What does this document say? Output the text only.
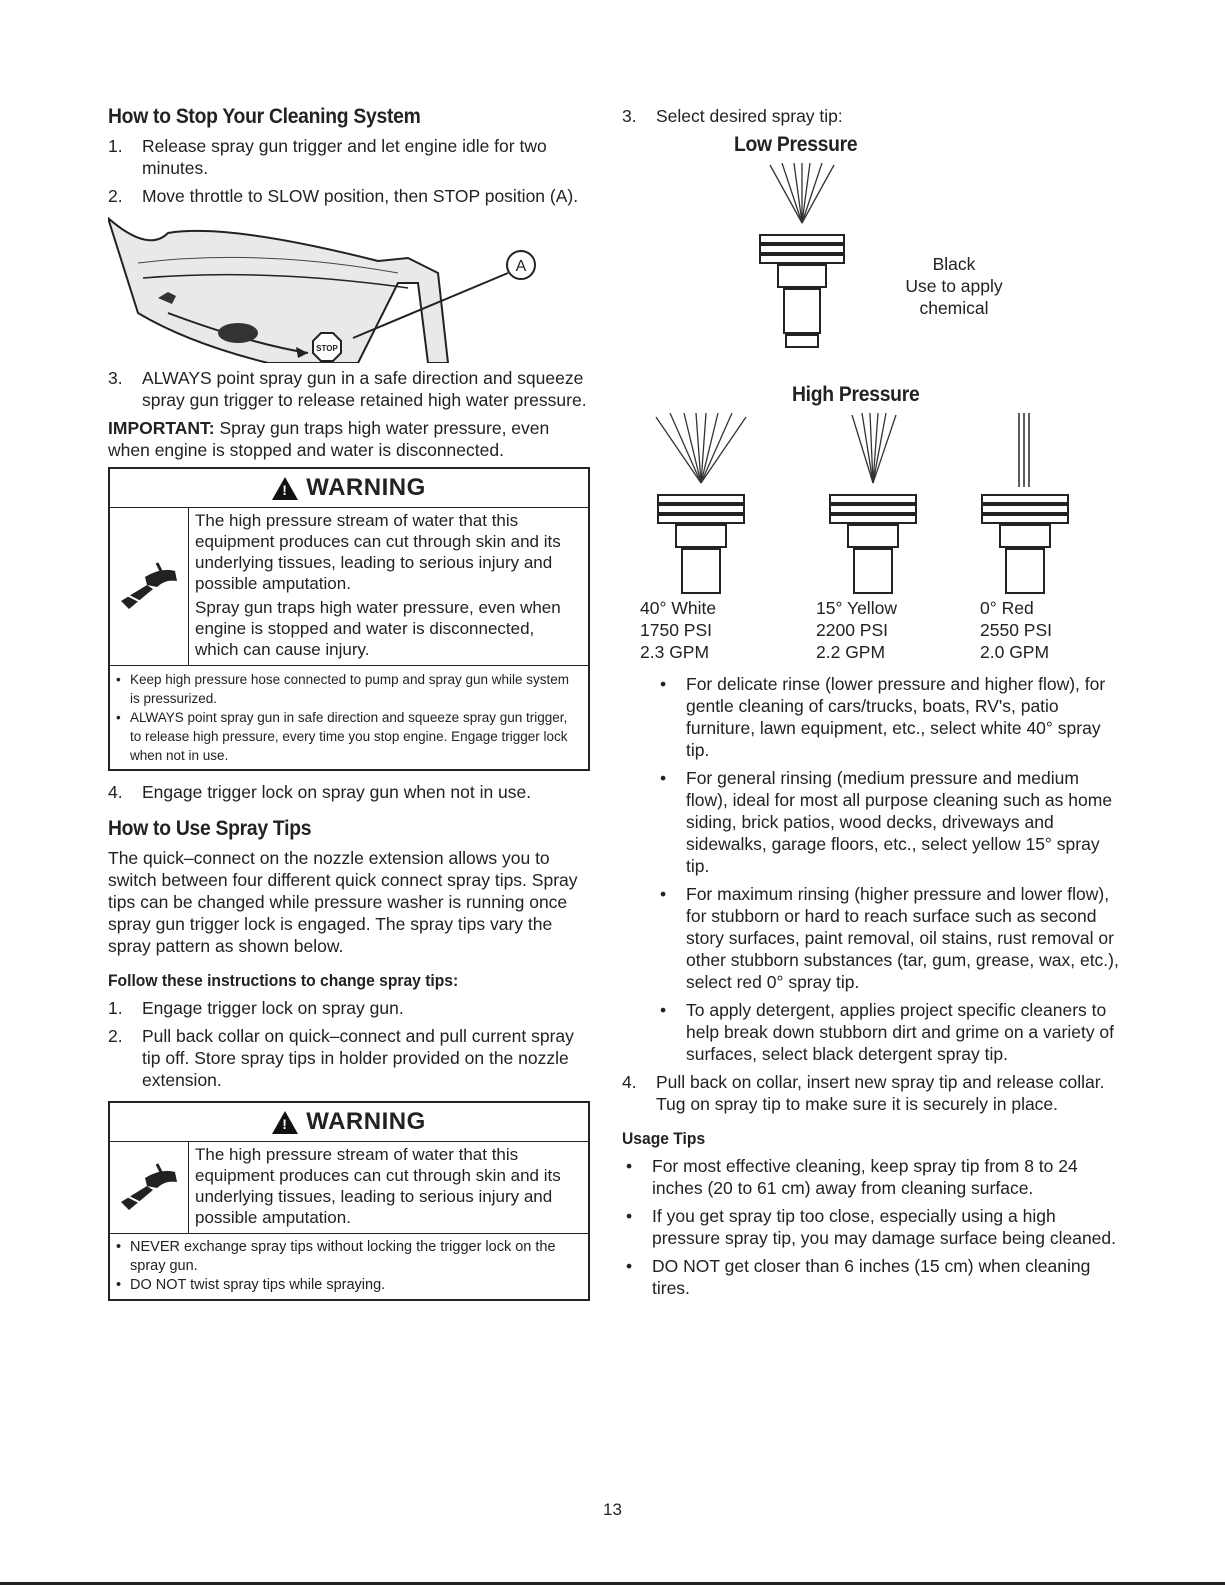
How to Stop Your Cleaning System
1. Release spray gun trigger and let engine idle for two minutes.
2. Move throttle to SLOW position, then STOP position (A).
STOP
A
3. ALWAYS point spray gun in a safe direction and squeeze spray gun trigger to release retained high water pressure.

IMPORTANT: Spray gun traps high water pressure, even when engine is stopped and water is disconnected.

! WARNING
The high pressure stream of water that this equipment produces can cut through skin and its underlying tissues, leading to serious injury and possible amputation.
Spray gun traps high water pressure, even when engine is stopped and water is disconnected, which can cause injury.
• Keep high pressure hose connected to pump and spray gun while system is pressurized.
• ALWAYS point spray gun in safe direction and squeeze spray gun trigger, to release high pressure, every time you stop engine. Engage trigger lock when not in use.
4. Engage trigger lock on spray gun when not in use.
How to Use Spray Tips

The quick–connect on the nozzle extension allows you to switch between four different quick connect spray tips. Spray tips can be changed while pressure washer is running once spray gun trigger lock is engaged. The spray tips vary the spray pattern as shown below.

Follow these instructions to change spray tips:
1. Engage trigger lock on spray gun.
2. Pull back collar on quick–connect and pull current spray tip off. Store spray tips in holder provided on the nozzle extension.
! WARNING
The high pressure stream of water that this equipment produces can cut through skin and its underlying tissues, leading to serious injury and possible amputation.
• NEVER exchange spray tips without locking the trigger lock on the spray gun.
• DO NOT twist spray tips while spraying.
3. Select desired spray tip:
Low Pressure
Black
Use to apply chemical
High Pressure
40° White
1750 PSI
2.3 GPM
15° Yellow
2200 PSI
2.2 GPM
0° Red
2550 PSI
2.0 GPM
• For delicate rinse (lower pressure and higher flow), for gentle cleaning of cars/trucks, boats, RV's, patio furniture, lawn equipment, etc., select white 40° spray tip.
• For general rinsing (medium pressure and medium flow), ideal for most all purpose cleaning such as home siding, brick patios, wood decks, driveways and sidewalks, garage floors, etc., select yellow 15° spray tip.
• For maximum rinsing (higher pressure and lower flow), for stubborn or hard to reach surface such as second story surfaces, paint removal, oil stains, rust removal or other stubborn substances (tar, gum, grease, wax, etc.), select red 0° spray tip.
• To apply detergent, applies project specific cleaners to help break down stubborn dirt and grime on a variety of surfaces, select black detergent spray tip.
4. Pull back on collar, insert new spray tip and release collar. Tug on spray tip to make sure it is securely in place.
Usage Tips
• For most effective cleaning, keep spray tip from 8 to 24 inches (20 to 61 cm) away from cleaning surface.
• If you get spray tip too close, especially using a high pressure spray tip, you may damage surface being cleaned.
• DO NOT get closer than 6 inches (15 cm) when cleaning tires.
13
